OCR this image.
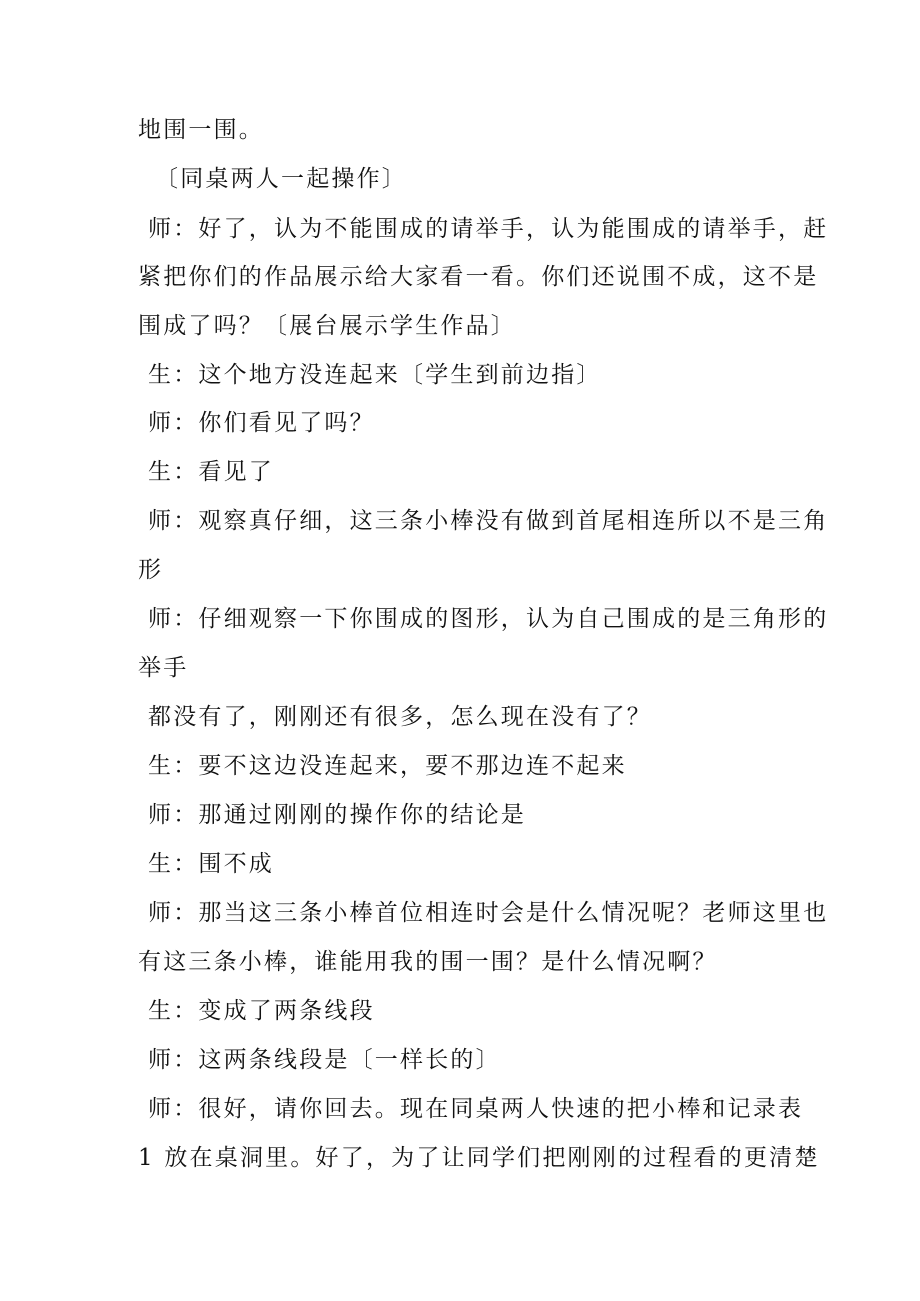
地围一围。
〔同桌两人一起操作〕
师：好了，认为不能围成的请举手，认为能围成的请举手，赶
紧把你们的作品展示给大家看一看。你们还说围不成，这不是
围成了吗？〔展台展示学生作品〕
生：这个地方没连起来〔学生到前边指〕
师：你们看见了吗？
生：看见了
师：观察真仔细，这三条小棒没有做到首尾相连所以不是三角
形
师：仔细观察一下你围成的图形，认为自己围成的是三角形的
举手
都没有了，刚刚还有很多，怎么现在没有了？
生：要不这边没连起来，要不那边连不起来
师：那通过刚刚的操作你的结论是
生：围不成
师：那当这三条小棒首位相连时会是什么情况呢？老师这里也
有这三条小棒，谁能用我的围一围？是什么情况啊？
生：变成了两条线段
师：这两条线段是〔一样长的〕
师：很好，请你回去。现在同桌两人快速的把小棒和记录表
1 放在桌洞里。好了，为了让同学们把刚刚的过程看的更清楚
